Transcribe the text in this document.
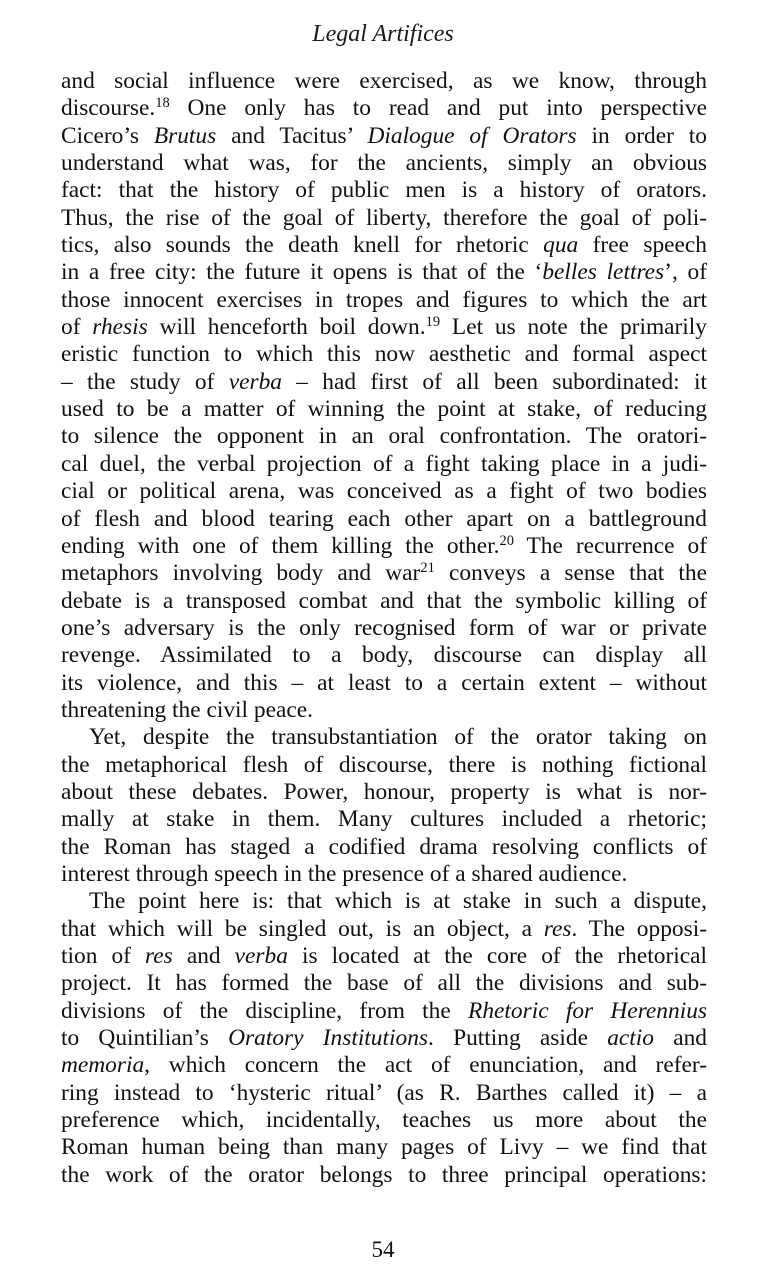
Legal Artifices
and social influence were exercised, as we know, through
discourse.$^{18}$ One only has to read and put into perspective
Cicero’s Brutus and Tacitus’ Dialogue of Orators in order to
understand what was, for the ancients, simply an obvious
fact: that the history of public men is a history of orators.
Thus, the rise of the goal of liberty, therefore the goal of poli-
tics, also sounds the death knell for rhetoric qua free speech
in a free city: the future it opens is that of the ‘belles lettres’, of
those innocent exercises in tropes and figures to which the art
of rhesis will henceforth boil down.$^{19}$ Let us note the primarily
eristic function to which this now aesthetic and formal aspect
– the study of verba – had first of all been subordinated: it
used to be a matter of winning the point at stake, of reducing
to silence the opponent in an oral confrontation. The oratori-
cal duel, the verbal projection of a fight taking place in a judi-
cial or political arena, was conceived as a fight of two bodies
of flesh and blood tearing each other apart on a battleground
ending with one of them killing the other.$^{20}$ The recurrence of
metaphors involving body and war$^{21}$ conveys a sense that the
debate is a transposed combat and that the symbolic killing of
one’s adversary is the only recognised form of war or private
revenge. Assimilated to a body, discourse can display all
its violence, and this – at least to a certain extent – without
threatening the civil peace.
Yet, despite the transubstantiation of the orator taking on
the metaphorical flesh of discourse, there is nothing fictional
about these debates. Power, honour, property is what is nor-
mally at stake in them. Many cultures included a rhetoric;
the Roman has staged a codified drama resolving conflicts of
interest through speech in the presence of a shared audience.
The point here is: that which is at stake in such a dispute,
that which will be singled out, is an object, a res. The opposi-
tion of res and verba is located at the core of the rhetorical
project. It has formed the base of all the divisions and sub-
divisions of the discipline, from the Rhetoric for Herennius
to Quintilian’s Oratory Institutions. Putting aside actio and
memoria, which concern the act of enunciation, and refer-
ring instead to ‘hysteric ritual’ (as R. Barthes called it) – a
preference which, incidentally, teaches us more about the
Roman human being than many pages of Livy – we find that
the work of the orator belongs to three principal operations:
54
